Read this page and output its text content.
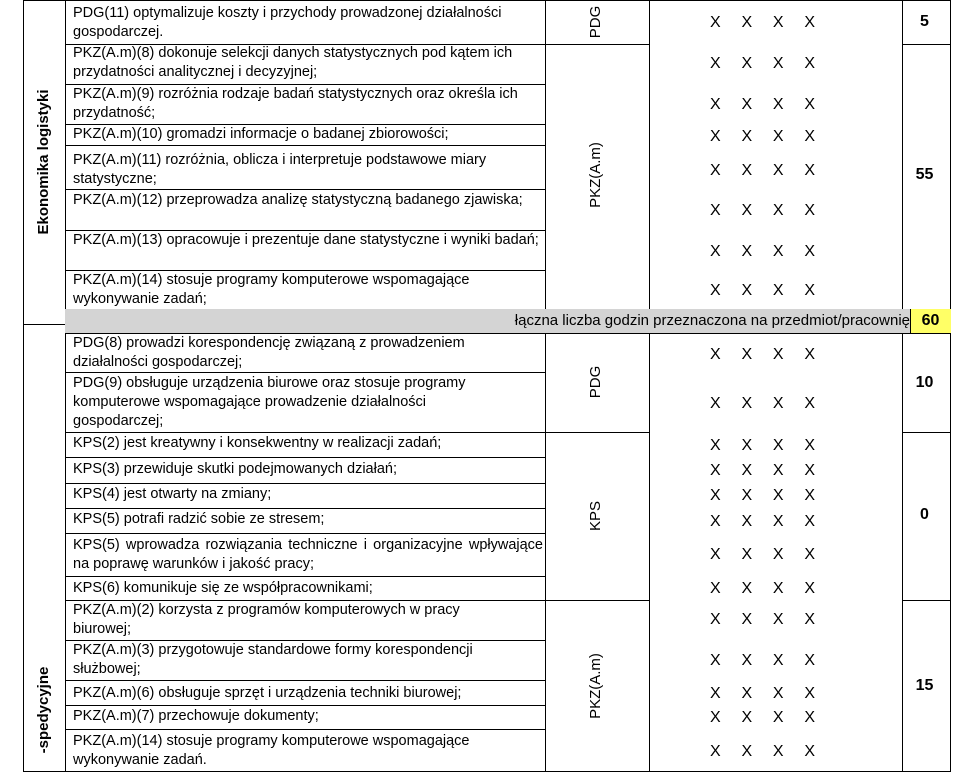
Ekonomika logistyki
-spedycyjne
PDG(11) optymalizuje koszty i przychody prowadzonej działalności gospodarczej.
PKZ(A.m)(8) dokonuje selekcji danych statystycznych pod kątem ich przydatności analitycznej i decyzyjnej;
PKZ(A.m)(9) rozróżnia rodzaje badań statystycznych oraz określa ich przydatność;
PKZ(A.m)(10) gromadzi informacje o badanej zbiorowości;
PKZ(A.m)(11) rozróżnia, oblicza i interpretuje podstawowe miary statystyczne;
PKZ(A.m)(12) przeprowadza analizę statystyczną badanego zjawiska;
PKZ(A.m)(13) opracowuje i prezentuje dane statystyczne i wyniki badań;
PKZ(A.m)(14) stosuje programy komputerowe wspomagające wykonywanie zadań;
PDG
PKZ(A.m)
X X X X
X X X X
X X X X
X X X X
X X X X
X X X X
X X X X
X X X X
5
55
łączna liczba godzin przeznaczona na przedmiot/pracownię 60
PDG(8) prowadzi korespondencję związaną z prowadzeniem działalności gospodarczej;
PDG(9) obsługuje urządzenia biurowe oraz stosuje programy komputerowe wspomagające prowadzenie działalności gospodarczej;
KPS(2) jest kreatywny i konsekwentny w realizacji zadań;
KPS(3) przewiduje skutki podejmowanych działań;
KPS(4) jest otwarty na zmiany;
KPS(5) potrafi radzić sobie ze stresem;
KPS(5) wprowadza rozwiązania techniczne i organizacyjne wpływające na poprawę warunków i jakość pracy;
KPS(6) komunikuje się ze współpracownikami;
PKZ(A.m)(2) korzysta z programów komputerowych w pracy biurowej;
PKZ(A.m)(3) przygotowuje standardowe formy korespondencji służbowej;
PKZ(A.m)(6) obsługuje sprzęt i urządzenia techniki biurowej;
PKZ(A.m)(7) przechowuje dokumenty;
PKZ(A.m)(14) stosuje programy komputerowe wspomagające wykonywanie zadań.
PDG
KPS
PKZ(A.m)
X X X X
X X X X
X X X X
X X X X
X X X X
X X X X
X X X X
X X X X
X X X X
X X X X
X X X X
X X X X
X X X X
10
0
15
